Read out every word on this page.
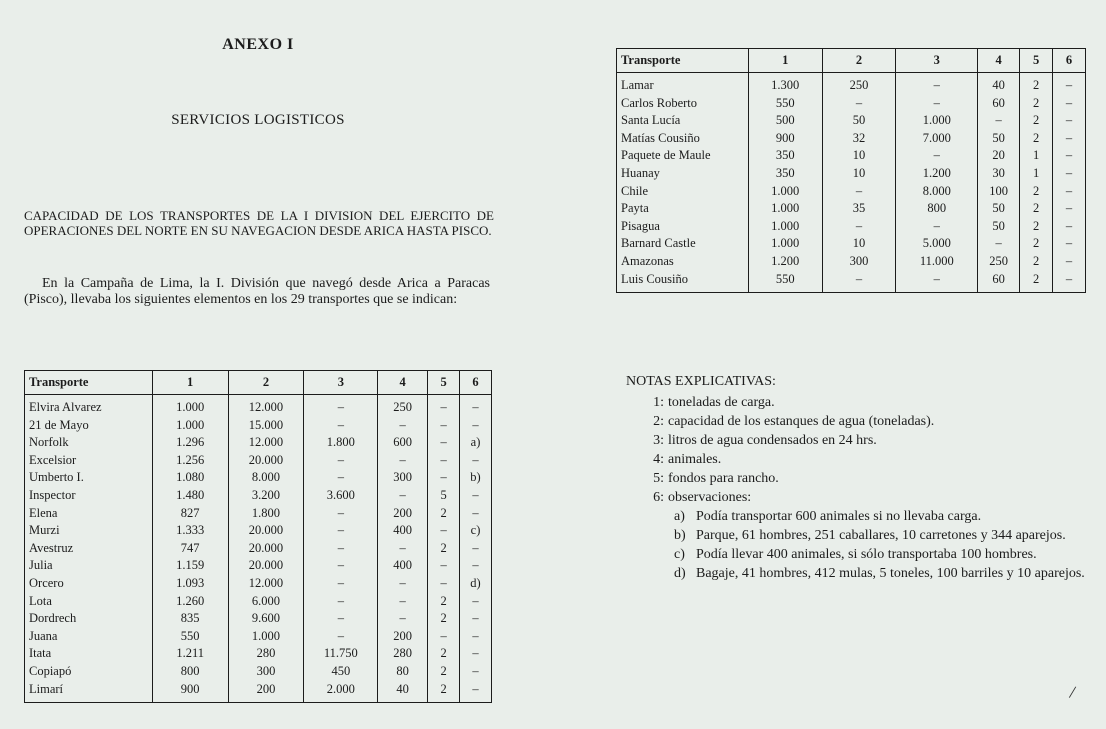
ANEXO I
SERVICIOS LOGISTICOS
CAPACIDAD DE LOS TRANSPORTES DE LA I DIVISION DEL EJERCITO DE OPERACIONES DEL NORTE EN SU NAVEGACION DESDE ARICA HASTA PISCO.
En la Campaña de Lima, la I. División que navegó desde Arica a Paracas (Pisco), llevaba los siguientes elementos en los 29 transportes que se indican:
Transporte	1	2	3	4	5	6
Elvira Alvarez	1.000	12.000	–	250	–	–
21 de Mayo	1.000	15.000	–	–	–	–
Norfolk	1.296	12.000	1.800	600	–	a)
Excelsior	1.256	20.000	–	–	–	–
Umberto I.	1.080	8.000	–	300	–	b)
Inspector	1.480	3.200	3.600	–	5	–
Elena	827	1.800	–	200	2	–
Murzi	1.333	20.000	–	400	–	c)
Avestruz	747	20.000	–	–	2	–
Julia	1.159	20.000	–	400	–	–
Orcero	1.093	12.000	–	–	–	d)
Lota	1.260	6.000	–	–	2	–
Dordrech	835	9.600	–	–	2	–
Juana	550	1.000	–	200	–	–
Itata	1.211	280	11.750	280	2	–
Copiapó	800	300	450	80	2	–
Limarí	900	200	2.000	40	2	–
Transporte	1	2	3	4	5	6
Lamar	1.300	250	–	40	2	–
Carlos Roberto	550	–	–	60	2	–
Santa Lucía	500	50	1.000	–	2	–
Matías Cousiño	900	32	7.000	50	2	–
Paquete de Maule	350	10	–	20	1	–
Huanay	350	10	1.200	30	1	–
Chile	1.000	–	8.000	100	2	–
Payta	1.000	35	800	50	2	–
Pisagua	1.000	–	–	50	2	–
Barnard Castle	1.000	10	5.000	–	2	–
Amazonas	1.200	300	11.000	250	2	–
Luis Cousiño	550	–	–	60	2	–
NOTAS EXPLICATIVAS:
1: toneladas de carga.
2: capacidad de los estanques de agua (toneladas).
3: litros de agua condensados en 24 hrs.
4: animales.
5: fondos para rancho.
6: observaciones:
a) Podía transportar 600 animales si no llevaba carga.
b) Parque, 61 hombres, 251 caballares, 10 carretones y 344 aparejos.
c) Podía llevar 400 animales, si sólo transportaba 100 hombres.
d) Bagaje, 41 hombres, 412 mulas, 5 toneles, 100 barriles y 10 aparejos.
/
